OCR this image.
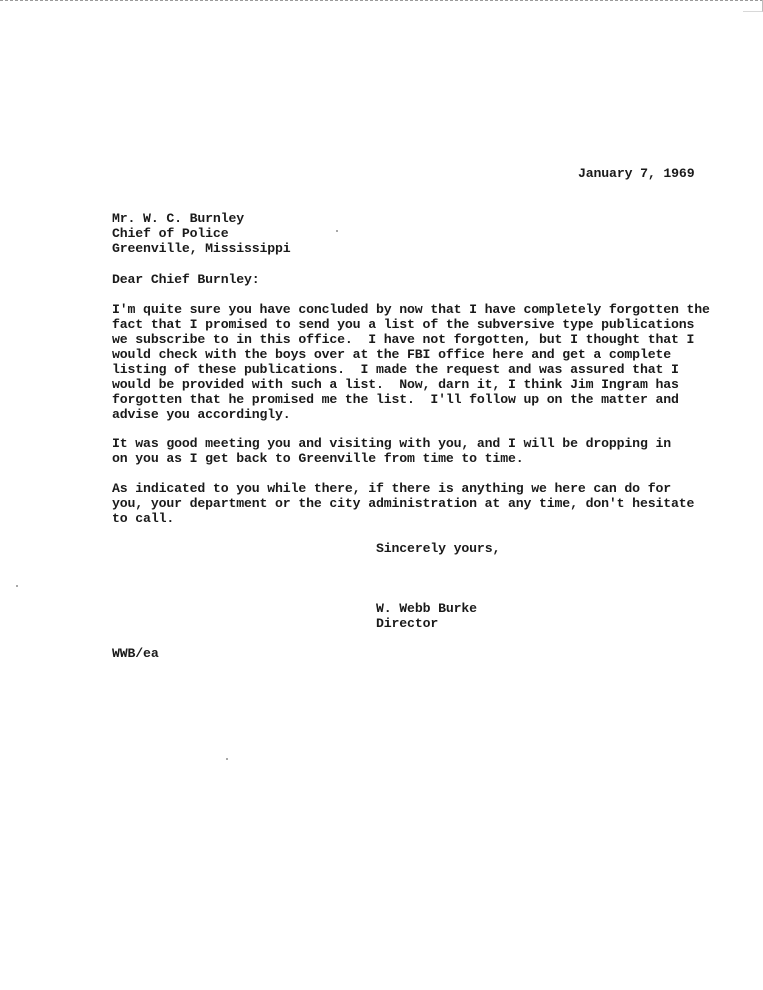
January 7, 1969
Mr. W. C. Burnley
Chief of Police
Greenville, Mississippi
Dear Chief Burnley:
I'm quite sure you have concluded by now that I have completely forgotten the
fact that I promised to send you a list of the subversive type publications
we subscribe to in this office.  I have not forgotten, but I thought that I
would check with the boys over at the FBI office here and get a complete
listing of these publications.  I made the request and was assured that I
would be provided with such a list.  Now, darn it, I think Jim Ingram has
forgotten that he promised me the list.  I'll follow up on the matter and
advise you accordingly.
It was good meeting you and visiting with you, and I will be dropping in
on you as I get back to Greenville from time to time.
As indicated to you while there, if there is anything we here can do for
you, your department or the city administration at any time, don't hesitate
to call.
Sincerely yours,
W. Webb Burke
Director
WWB/ea
